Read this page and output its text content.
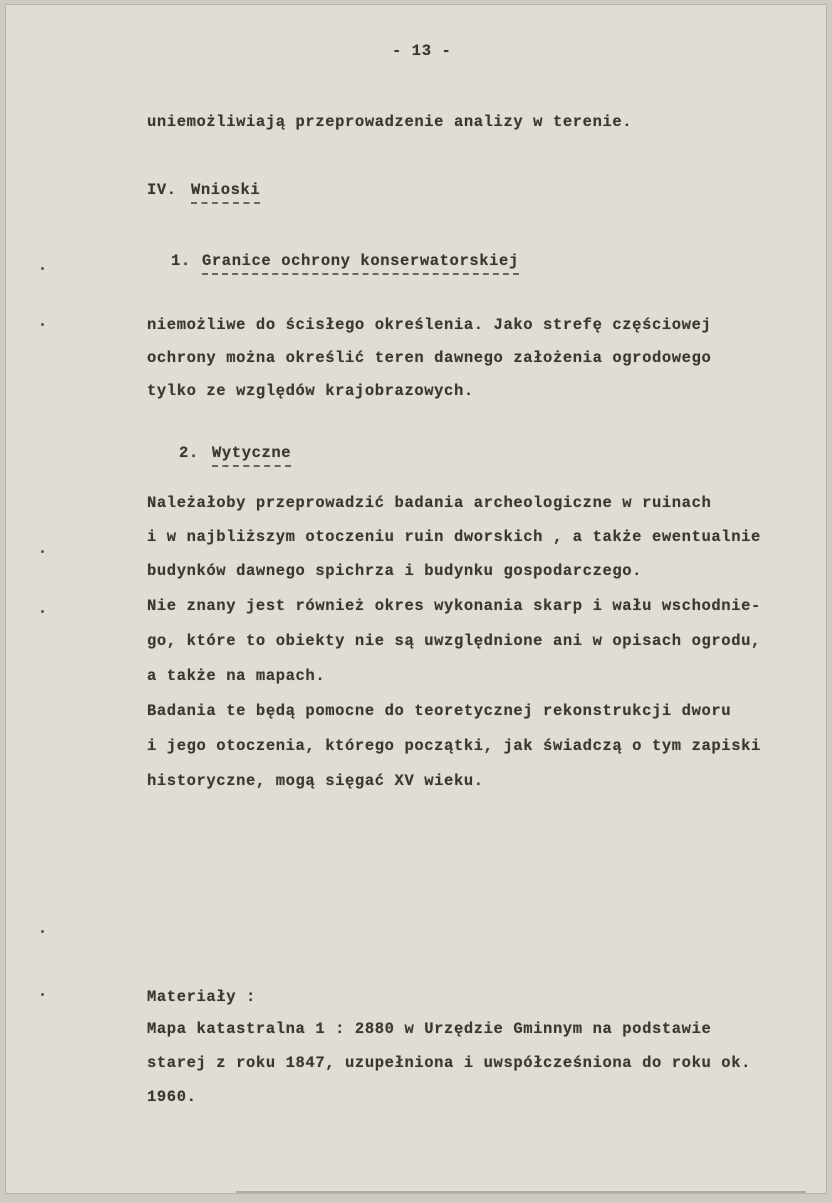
- 13 -
uniemożliwiają przeprowadzenie analizy w terenie.
IV. Wnioski
1. Granice ochrony konserwatorskiej
niemożliwe do ścisłego określenia. Jako strefę częściowej
ochrony można określić teren dawnego założenia ogrodowego
tylko ze względów krajobrazowych.
2. Wytyczne
Należałoby przeprowadzić badania archeologiczne w ruinach
i w najbliższym otoczeniu ruin dworskich , a także ewentualnie
budynków dawnego spichrza i budynku gospodarczego.
Nie znany jest również okres wykonania skarp i wału wschodnie-
go, które to obiekty nie są uwzględnione ani w opisach ogrodu,
a także na mapach.
Badania te będą pomocne do teoretycznej rekonstrukcji dworu
i jego otoczenia, którego początki, jak świadczą o tym zapiski
historyczne, mogą sięgać XV wieku.
Materiały :
Mapa katastralna 1 : 2880 w Urzędzie Gminnym na podstawie
starej z roku 1847, uzupełniona i uwspółcześniona do roku ok.
1960.
